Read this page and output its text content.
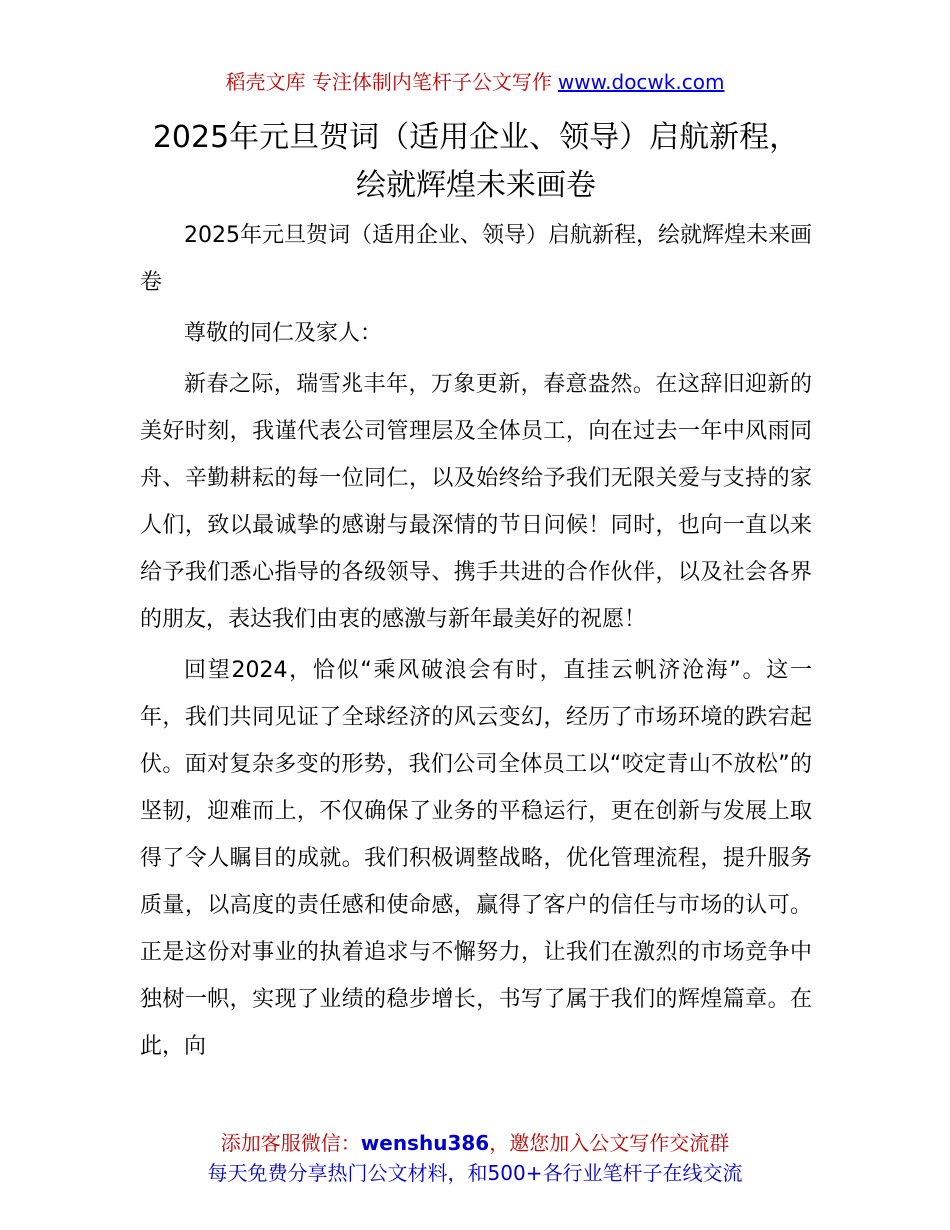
稻壳文库 专注体制内笔杆子公文写作 www.docwk.com
2025年元旦贺词（适用企业、领导）启航新程，绘就辉煌未来画卷

2025年元旦贺词（适用企业、领导）启航新程，绘就辉煌未来画卷

尊敬的同仁及家人：

新春之际，瑞雪兆丰年，万象更新，春意盎然。在这辞旧迎新的美好时刻，我谨代表公司管理层及全体员工，向在过去一年中风雨同舟、辛勤耕耘的每一位同仁，以及始终给予我们无限关爱与支持的家人们，致以最诚挚的感谢与最深情的节日问候！同时，也向一直以来给予我们悉心指导的各级领导、携手共进的合作伙伴，以及社会各界的朋友，表达我们由衷的感激与新年最美好的祝愿！

回望2024，恰似“乘风破浪会有时，直挂云帆济沧海”。这一年，我们共同见证了全球经济的风云变幻，经历了市场环境的跌宕起伏。面对复杂多变的形势，我们公司全体员工以“咬定青山不放松”的坚韧，迎难而上，不仅确保了业务的平稳运行，更在创新与发展上取得了令人瞩目的成就。我们积极调整战略，优化管理流程，提升服务质量，以高度的责任感和使命感，赢得了客户的信任与市场的认可。正是这份对事业的执着追求与不懈努力，让我们在激烈的市场竞争中独树一帜，实现了业绩的稳步增长，书写了属于我们的辉煌篇章。在此，向

添加客服微信：wenshu386，邀您加入公文写作交流群
每天免费分享热门公文材料，和500+各行业笔杆子在线交流
